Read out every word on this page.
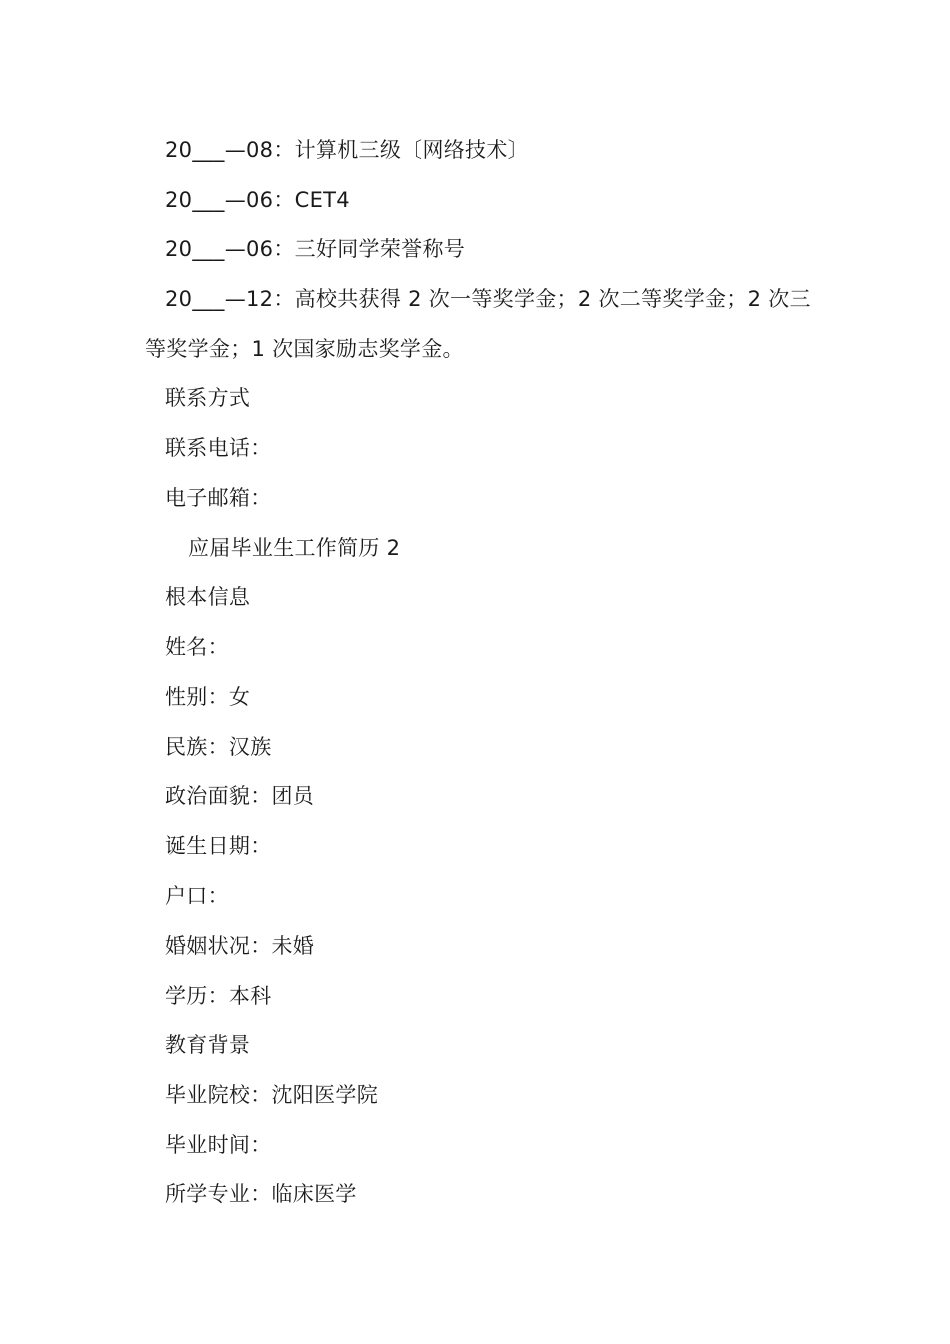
20___—08：计算机三级〔网络技术〕
20___—06：CET4
20___—06：三好同学荣誉称号
20___—12：高校共获得 2 次一等奖学金；2 次二等奖学金；2 次三
等奖学金；1 次国家励志奖学金。
联系方式
联系电话：
电子邮箱：
应届毕业生工作简历 2
根本信息
姓名：
性别：女
民族：汉族
政治面貌：团员
诞生日期：
户口：
婚姻状况：未婚
学历：本科
教育背景
毕业院校：沈阳医学院
毕业时间：
所学专业：临床医学
